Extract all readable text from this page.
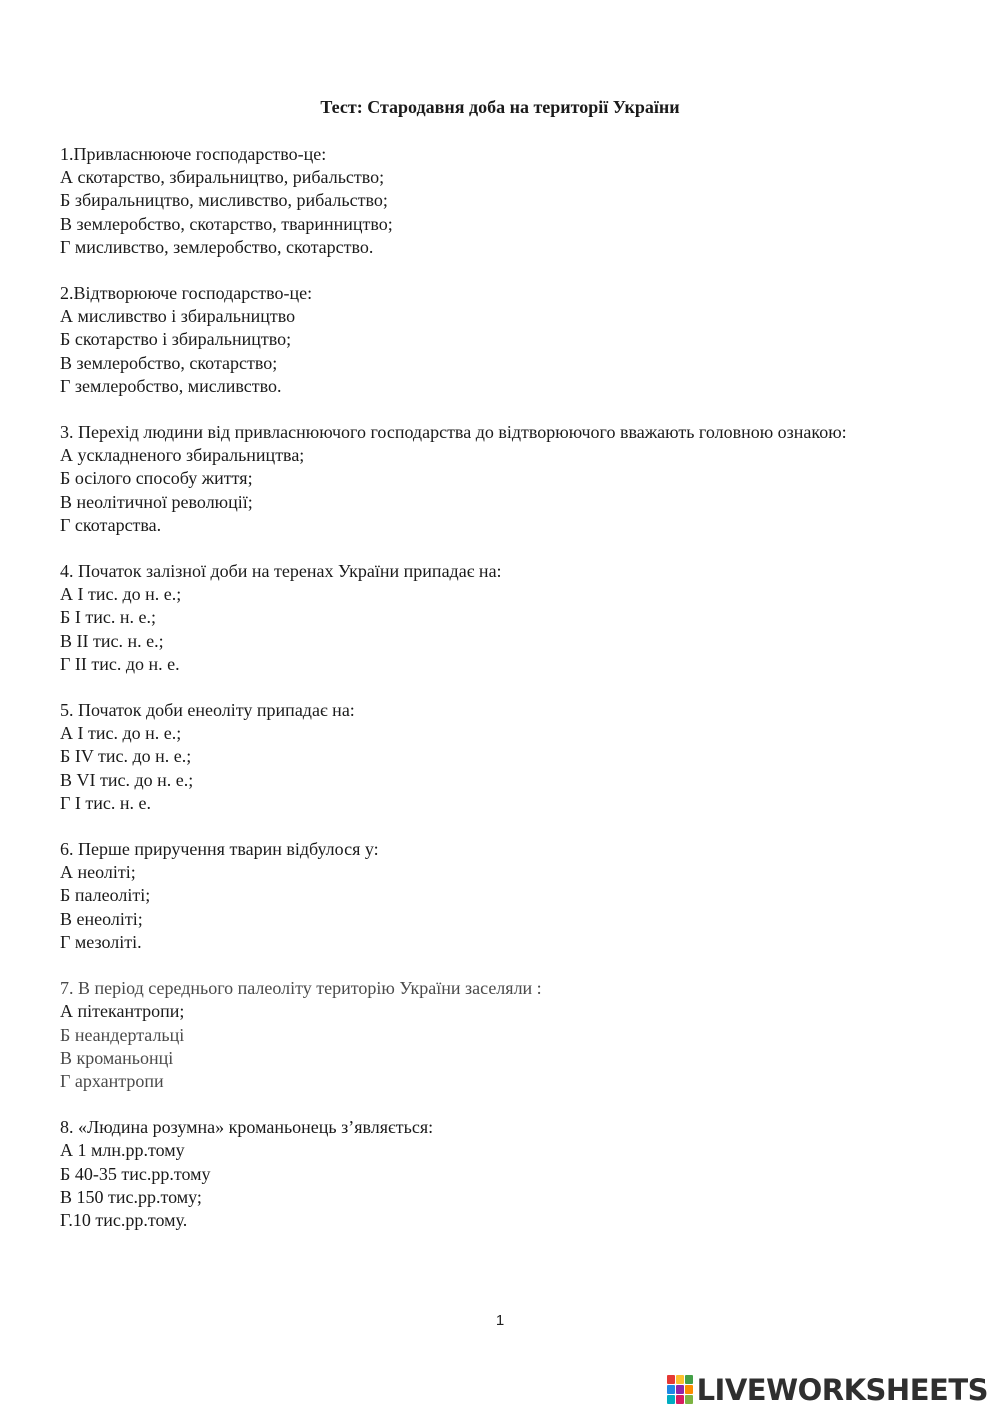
Тест: Стародавня доба на території України
1.Привласнююче господарство-це:
А скотарство, збиральництво, рибальство;
Б збиральництво, мисливство, рибальство;
В землеробство, скотарство, тваринництво;
Г мисливство, землеробство, скотарство.
2.Відтворююче господарство-це:
А мисливство і збиральництво
Б скотарство і збиральництво;
В землеробство, скотарство;
Г землеробство, мисливство.
3. Перехід людини від привласнюючого господарства до відтворюючого вважають головною ознакою:
А ускладненого збиральництва;
Б осілого способу життя;
В неолітичної революції;
Г скотарства.
4. Початок залізної доби на теренах України припадає на:
А I тис. до н. е.;
Б I тис. н. е.;
В II тис. н. е.;
Г II тис. до н. е.
5. Початок доби енеоліту припадає на:
А I тис. до н. е.;
Б IV тис. до н. е.;
В VI тис. до н. е.;
Г I тис. н. е.
6. Перше приручення тварин відбулося у:
А неоліті;
Б палеоліті;
В енеоліті;
Г мезоліті.
7. В період середнього палеоліту територію України заселяли :
А пітекантропи;
Б неандертальці
В кроманьонці
Г архантропи
8. «Людина розумна» кроманьонець з’являється:
А 1 млн.рр.тому
Б 40-35 тис.рр.тому
В 150 тис.рр.тому;
Г.10 тис.рр.тому.
1
LIVEWORKSHEETS
